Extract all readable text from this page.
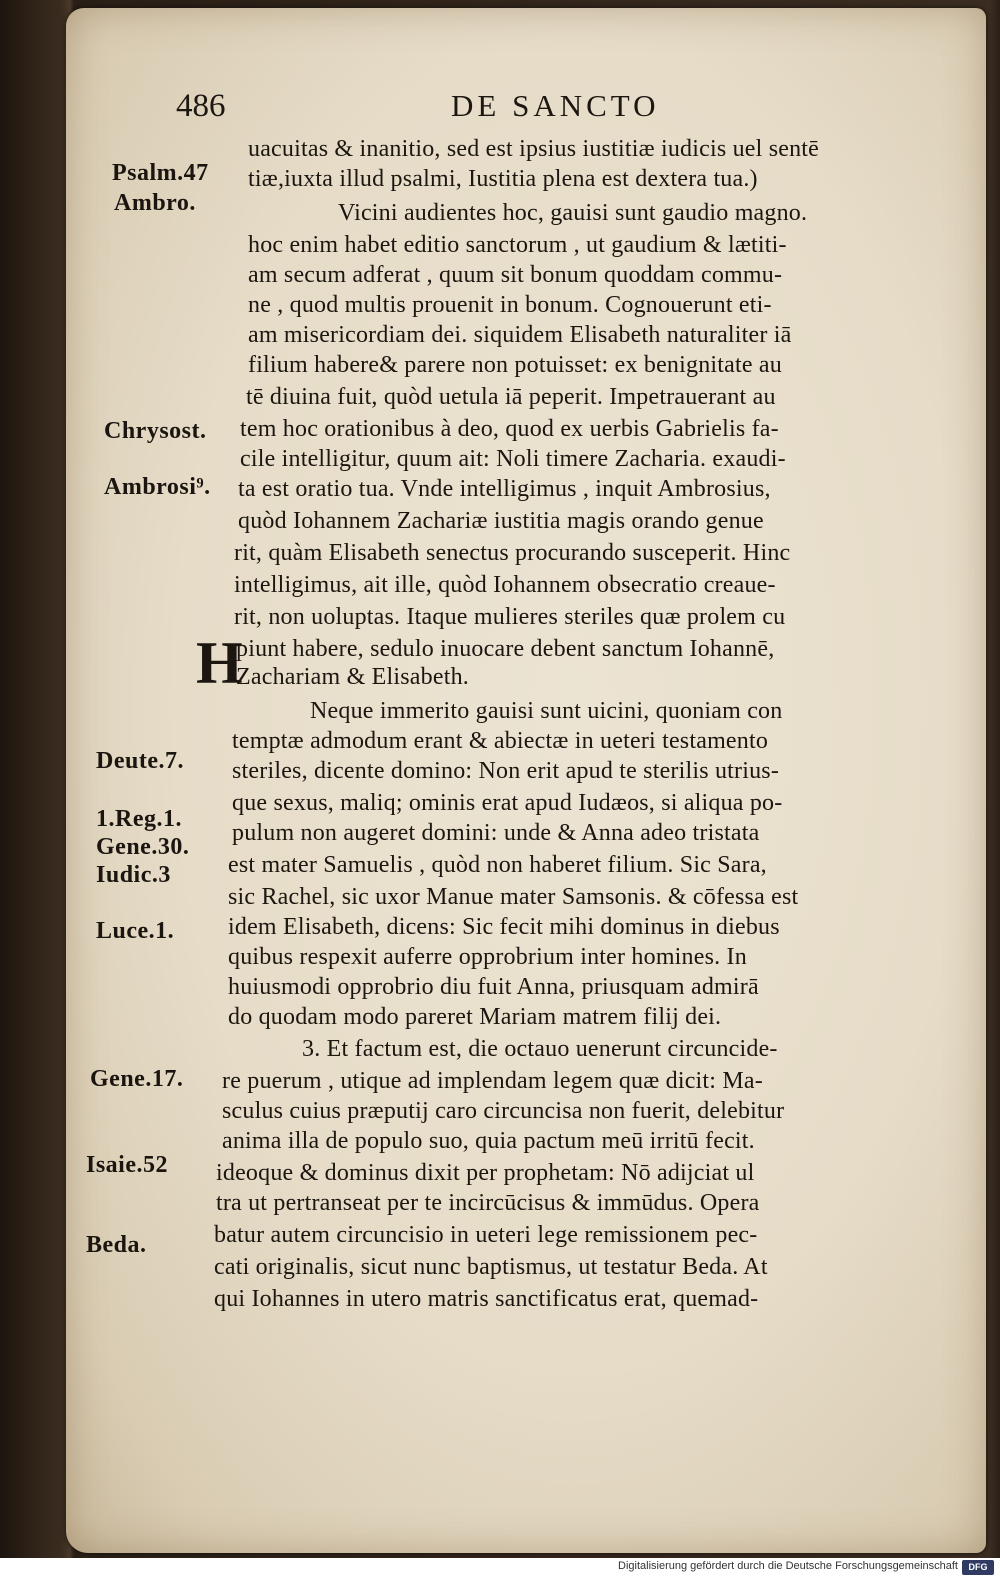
486	DE SANCTO
Psalm.47
Ambro.
Chrysost.
Ambrosi⁹.
Deute.7.
1.Reg.1.
Gene.30.
Iudic.3
Luce.1.
Gene.17.
Isaie.52
Beda.
H
uacuitas & inanitio, sed est ipsius iustitiæ iudicis uel sentē
tiæ,iuxta illud psalmi, Iustitia plena est dextera tua.)
Vicini audientes hoc, gauisi sunt gaudio magno.
hoc enim habet editio sanctorum , ut gaudium & lætiti-
am secum adferat , quum sit bonum quoddam commu-
ne , quod multis prouenit in bonum. Cognouerunt eti-
am misericordiam dei. siquidem Elisabeth naturaliter iā
filium habere& parere non potuisset: ex benignitate au
tē diuina fuit, quòd uetula iā peperit. Impetrauerant au
tem hoc orationibus à deo, quod ex uerbis Gabrielis fa-
cile intelligitur, quum ait: Noli timere Zacharia. exaudi-
ta est oratio tua. Vnde intelligimus , inquit Ambrosius,
quòd Iohannem Zachariæ iustitia magis orando genue
rit, quàm Elisabeth senectus procurando susceperit. Hinc
intelligimus, ait ille, quòd Iohannem obsecratio creaue-
rit, non uoluptas. Itaque mulieres steriles quæ prolem cu
piunt habere, sedulo inuocare debent sanctum Iohannē,
Zachariam & Elisabeth.
Neque immerito gauisi sunt uicini, quoniam con
temptæ admodum erant & abiectæ in ueteri testamento
steriles, dicente domino: Non erit apud te sterilis utrius-
que sexus, maliq; ominis erat apud Iudæos, si aliqua po-
pulum non augeret domini: unde & Anna adeo tristata
est mater Samuelis , quòd non haberet filium. Sic Sara,
sic Rachel, sic uxor Manue mater Samsonis. & cōfessa est
idem Elisabeth, dicens: Sic fecit mihi dominus in diebus
quibus respexit auferre opprobrium inter homines. In
huiusmodi opprobrio diu fuit Anna, priusquam admirā
do quodam modo pareret Mariam matrem filij dei.
3. Et factum est, die octauo uenerunt circuncide-
re puerum , utique ad implendam legem quæ dicit: Ma-
sculus cuius præputij caro circuncisa non fuerit, delebitur
anima illa de populo suo, quia pactum meū irritū fecit.
ideoque & dominus dixit per prophetam: Nō adijciat ul
tra ut pertranseat per te incircūcisus & immūdus. Opera
batur autem circuncisio in ueteri lege remissionem pec-
cati originalis, sicut nunc baptismus, ut testatur Beda. At
qui Iohannes in utero matris sanctificatus erat, quemad-
Digitalisierung gefördert durch die Deutsche Forschungsgemeinschaft	DFG
